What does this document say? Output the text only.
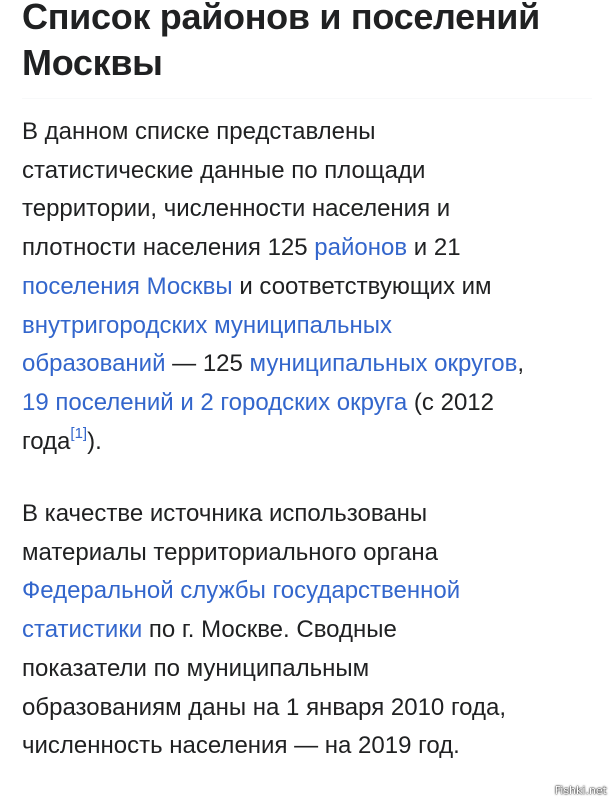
Список районов и поселений
Москвы

В данном списке представлены
статистические данные по площади
территории, численности населения и
плотности населения 125 районов и 21
поселения Москвы и соответствующих им
внутригородских муниципальных
образований — 125 муниципальных округов,
19 поселений и 2 городских округа (с 2012
года[1]).

В качестве источника использованы
материалы территориального органа
Федеральной службы государственной
статистики по г. Москве. Сводные
показатели по муниципальным
образованиям даны на 1 января 2010 года,
численность населения — на 2019 год.

Fishki.net
